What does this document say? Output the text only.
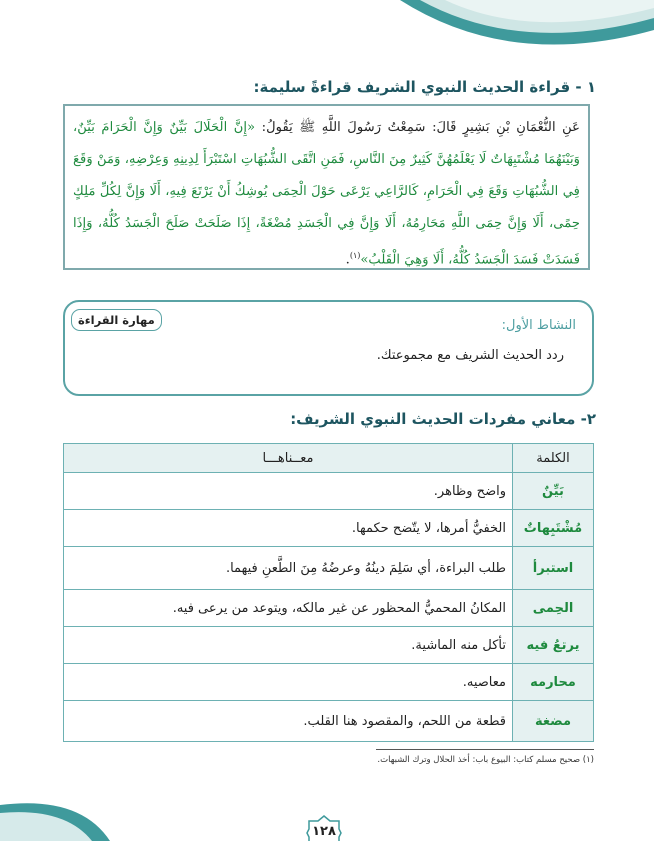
١ - قراءة الحديث النبوي الشريف قراءةً سليمة:
عَنِ النُّعْمَانِ بْنِ بَشِيرٍ قَالَ: سَمِعْتُ رَسُولَ اللَّهِ ﷺ يَقُولُ: «إِنَّ الْحَلَالَ بَيِّنٌ وَإِنَّ الْحَرَامَ بَيِّنٌ، وَبَيْنَهُمَا مُشْتَبِهَاتٌ لَا يَعْلَمُهُنَّ كَثِيرٌ مِنَ النَّاسِ، فَمَنِ اتَّقَى الشُّبُهَاتِ اسْتَبْرَأَ لِدِينِهِ وَعِرْضِهِ، وَمَنْ وَقَعَ فِي الشُّبُهَاتِ وَقَعَ فِي الْحَرَامِ، كَالرَّاعِي يَرْعَى حَوْلَ الْحِمَى يُوشِكُ أَنْ يَرْتَعَ فِيهِ، أَلَا وَإِنَّ لِكُلِّ مَلِكٍ حِمًى، أَلَا وَإِنَّ حِمَى اللَّهِ مَحَارِمُهُ، أَلَا وَإِنَّ فِي الْجَسَدِ مُضْغَةً، إِذَا صَلَحَتْ صَلَحَ الْجَسَدُ كُلُّهُ، وَإِذَا فَسَدَتْ فَسَدَ الْجَسَدُ كُلُّهُ، أَلَا وَهِيَ الْقَلْبُ»$^{(١)}$.
النشاط الأول:
ردد الحديث الشريف مع مجموعتك.
مهارة القراءة
٢- معاني مفردات الحديث النبوي الشريف:
الكلمة	معــناهـــا
بَيِّنٌ	واضح وظاهر.
مُشْتَبِهاتٌ	الخفيُّ أمرها، لا يتّضح حكمها.
استبرأ	طلب البراءة، أي سَلِمَ دينُهُ وعرضُهُ مِنَ الطَّعنِ فيهما.
الحِمى	المكانُ المحميُّ المحظور عن غير مالكه، ويتوعد من يرعى فيه.
يرتعُ فيه	تأكل منه الماشية.
محارمه	معاصيه.
مضغة	قطعة من اللحم، والمقصود هنا القلب.
(١) صحيح مسلم كتاب: البيوع باب: أخذ الحلال وترك الشبهات.
١٢٨
